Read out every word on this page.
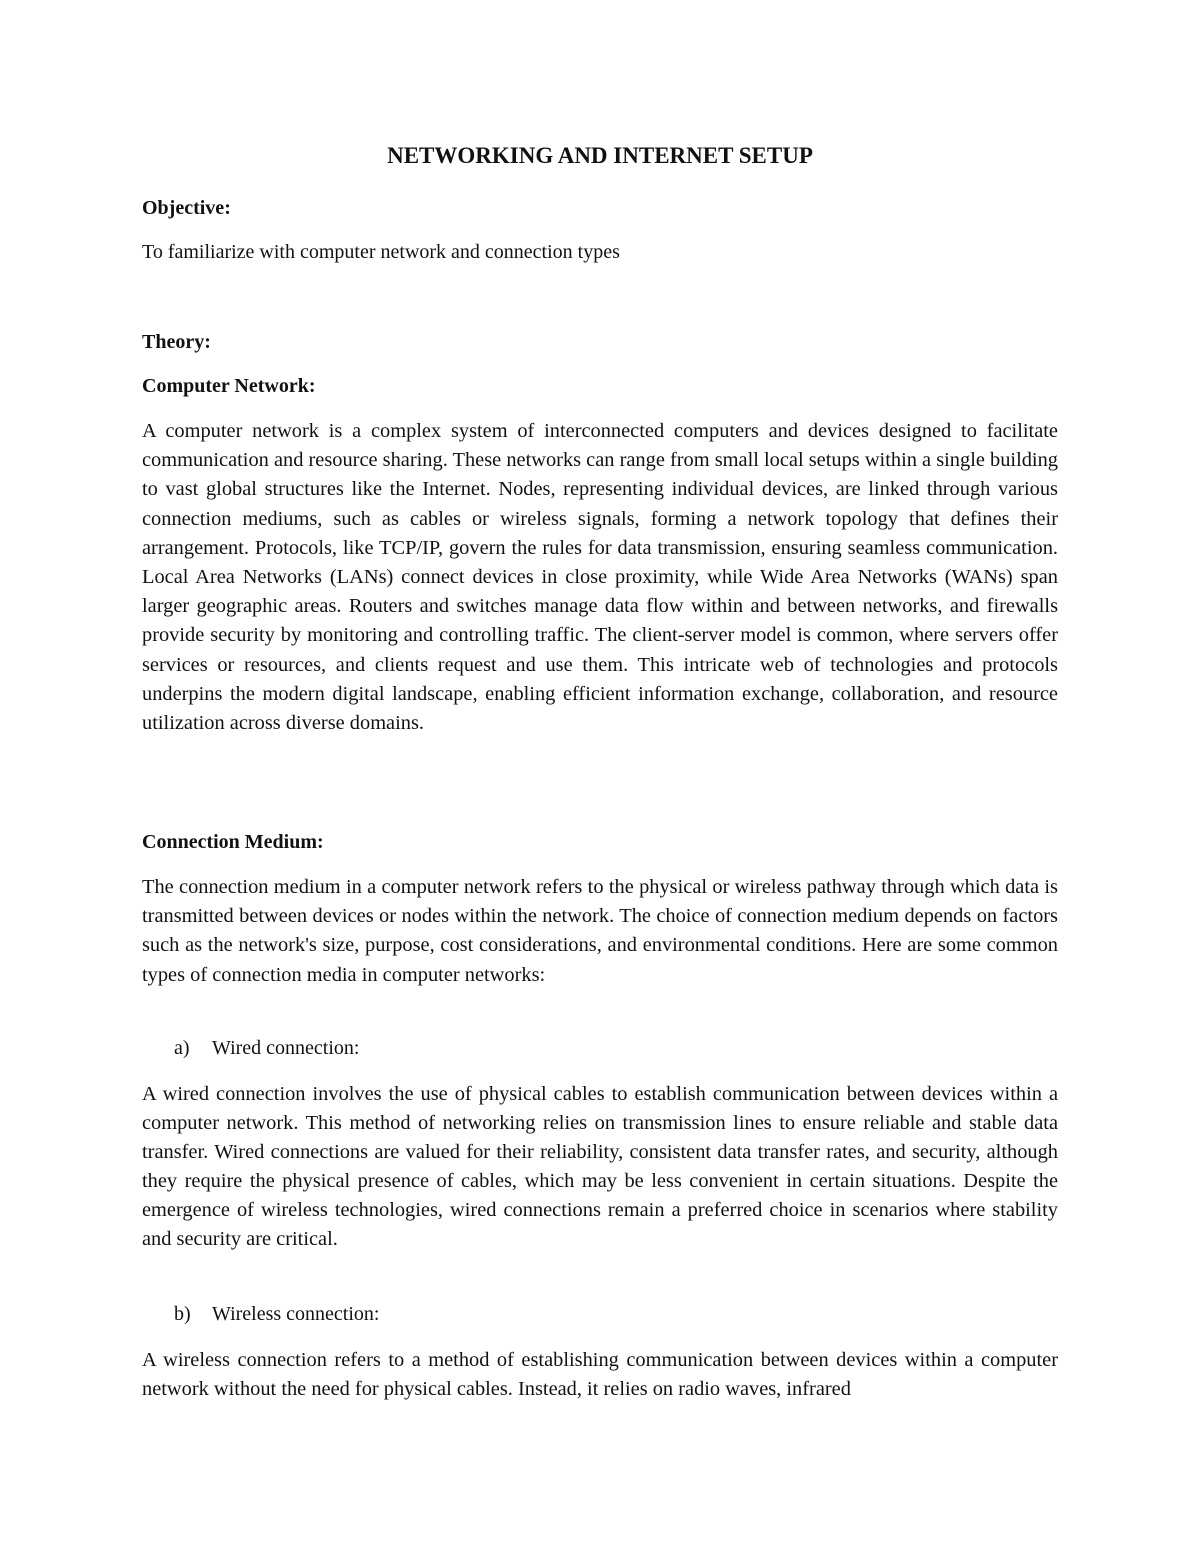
NETWORKING AND INTERNET SETUP
Objective:
To familiarize with computer network and connection types
Theory:
Computer Network:
A computer network is a complex system of interconnected computers and devices designed to facilitate communication and resource sharing. These networks can range from small local setups within a single building to vast global structures like the Internet. Nodes, representing individual devices, are linked through various connection mediums, such as cables or wireless signals, forming a network topology that defines their arrangement. Protocols, like TCP/IP, govern the rules for data transmission, ensuring seamless communication. Local Area Networks (LANs) connect devices in close proximity, while Wide Area Networks (WANs) span larger geographic areas. Routers and switches manage data flow within and between networks, and firewalls provide security by monitoring and controlling traffic. The client-server model is common, where servers offer services or resources, and clients request and use them. This intricate web of technologies and protocols underpins the modern digital landscape, enabling efficient information exchange, collaboration, and resource utilization across diverse domains.
Connection Medium:
The connection medium in a computer network refers to the physical or wireless pathway through which data is transmitted between devices or nodes within the network. The choice of connection medium depends on factors such as the network's size, purpose, cost considerations, and environmental conditions. Here are some common types of connection media in computer networks:
a) Wired connection:
A wired connection involves the use of physical cables to establish communication between devices within a computer network. This method of networking relies on transmission lines to ensure reliable and stable data transfer. Wired connections are valued for their reliability, consistent data transfer rates, and security, although they require the physical presence of cables, which may be less convenient in certain situations. Despite the emergence of wireless technologies, wired connections remain a preferred choice in scenarios where stability and security are critical.
b) Wireless connection:
A wireless connection refers to a method of establishing communication between devices within a computer network without the need for physical cables. Instead, it relies on radio waves, infrared
